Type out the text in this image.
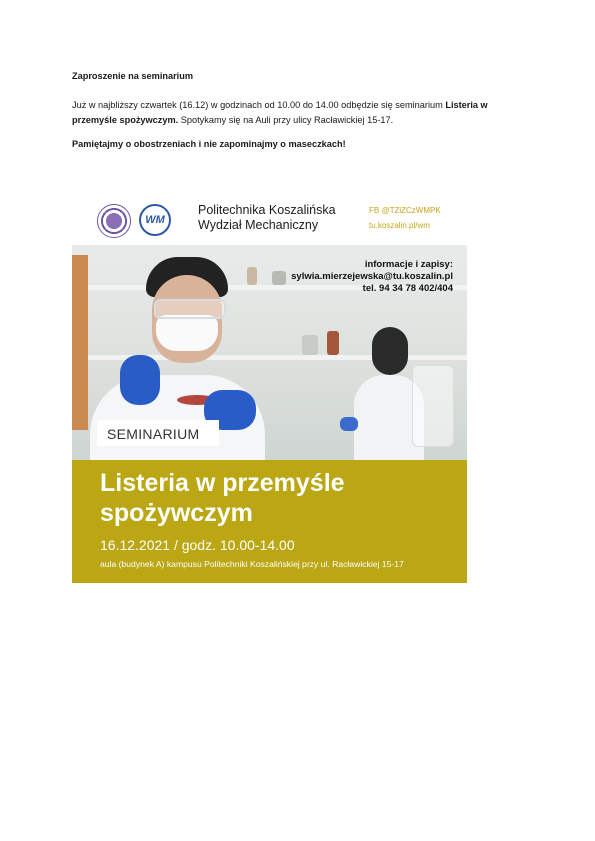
Zaproszenie na seminarium
Już w najbliższy czwartek (16.12) w godzinach od 10.00 do 14.00 odbędzie się seminarium Listeria w przemyśle spożywczym. Spotykamy się na Auli przy ulicy Racławickiej 15-17.
Pamiętajmy o obostrzeniach i nie zapominajmy o maseczkach!
WM
Politechnika Koszalińska
Wydział Mechaniczny
FB @TZiZCzWMPK
tu.koszalin.pl/wm
informacje i zapisy:
sylwia.mierzejewska@tu.koszalin.pl
tel. 94 34 78 402/404
SEMINARIUM
Listeria w przemyśle
spożywczym
16.12.2021 / godz. 10.00-14.00
aula (budynek A) kampusu Politechniki Koszalińskiej przy ul. Racławickiej 15-17
